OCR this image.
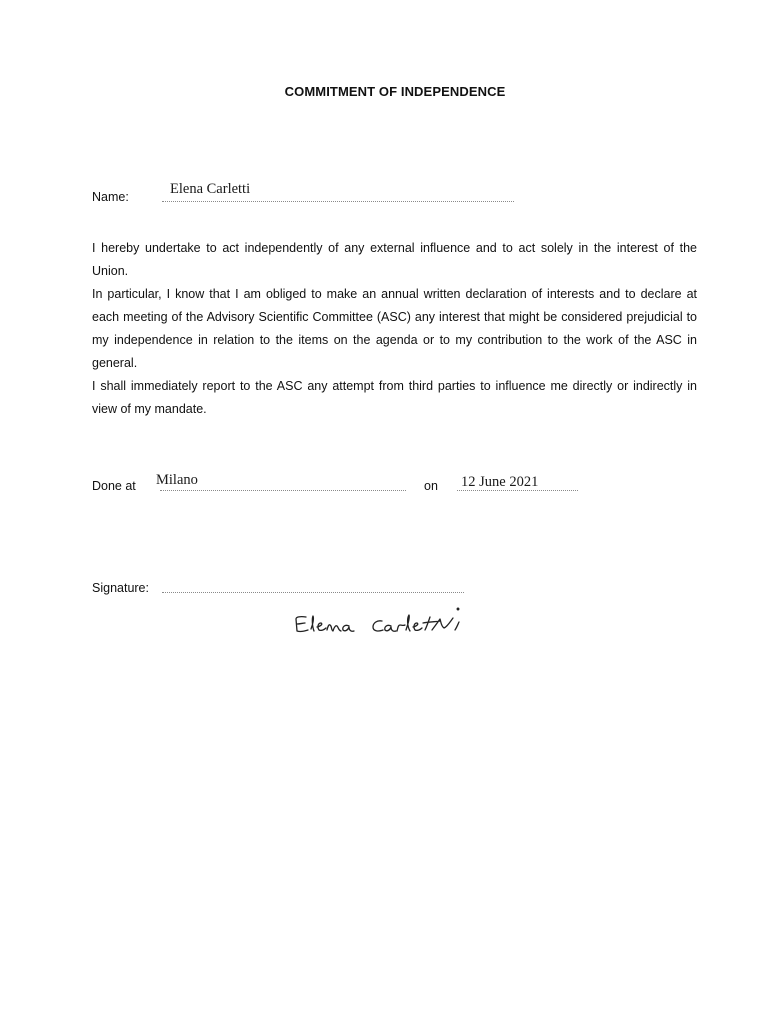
COMMITMENT OF INDEPENDENCE
Name:	Elena Carletti

I hereby undertake to act independently of any external influence and to act solely in the interest of the Union.

In particular, I know that I am obliged to make an annual written declaration of interests and to declare at each meeting of the Advisory Scientific Committee (ASC) any interest that might be considered prejudicial to my independence in relation to the items on the agenda or to my contribution to the work of the ASC in general.

I shall immediately report to the ASC any attempt from third parties to influence me directly or indirectly in view of my mandate.

Done at Milano	on 12 June 2021
Signature:
